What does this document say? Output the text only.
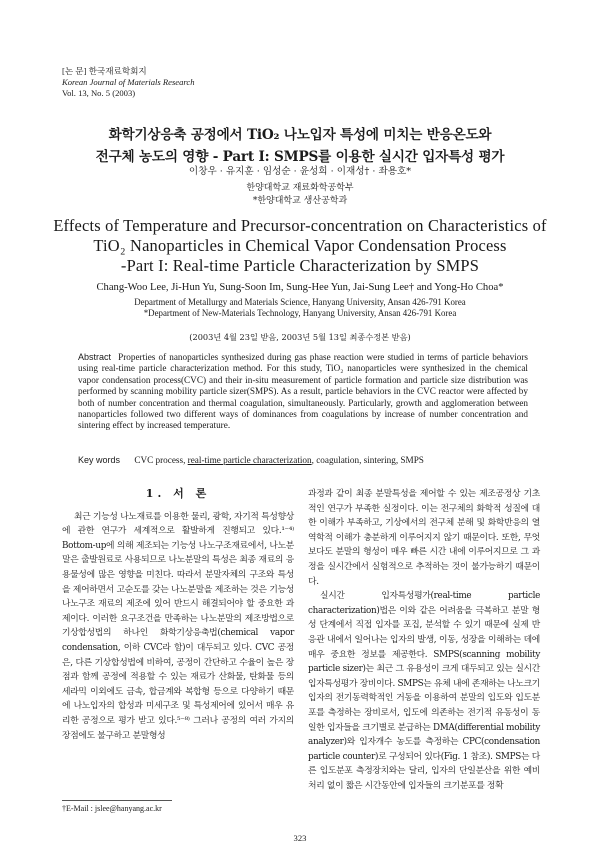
[논 문] 한국재료학회지
Korean Journal of Materials Research
Vol. 13, No. 5 (2003)
화학기상응축 공정에서 TiO₂ 나노입자 특성에 미치는 반응온도와
전구체 농도의 영향 - Part I: SMPS를 이용한 실시간 입자특성 평가
이창우 · 유지훈 · 임성순 · 윤성희 · 이재성† · 좌용호*
한양대학교 재료화학공학부
*한양대학교 생산공학과
Effects of Temperature and Precursor-concentration on Characteristics of
TiO₂ Nanoparticles in Chemical Vapor Condensation Process
-Part I: Real-time Particle Characterization by SMPS
Chang-Woo Lee, Ji-Hun Yu, Sung-Soon Im, Sung-Hee Yun, Jai-Sung Lee† and Yong-Ho Choa*
Department of Metallurgy and Materials Science, Hanyang University, Ansan 426-791 Korea
*Department of New-Materials Technology, Hanyang University, Ansan 426-791 Korea
(2003년 4월 23일 받음, 2003년 5월 13일 최종수정본 받음)
Abstract Properties of nanoparticles synthesized during gas phase reaction were studied in terms of particle behaviors using real-time particle characterization method. For this study, TiO₂ nanoparticles were synthesized in the chemical vapor condensation process(CVC) and their in-situ measurement of particle formation and particle size distribution was performed by scanning mobility particle sizer(SMPS). As a result, particle behaviors in the CVC reactor were affected by both of number concentration and thermal coagulation, simultaneously. Particularly, growth and agglomeration between nanoparticles followed two different ways of dominances from coagulations by increase of number concentration and sintering effect by increased temperature.
Key words CVC process, real-time particle characterization, coagulation, sintering, SMPS
1. 서 론

최근 기능성 나노재료를 이용한 물리, 광학, 자기적 특성향상에 관한 연구가 세계적으로 활발하게 진행되고 있다.¹⁻⁴⁾ Bottom-up에 의해 제조되는 기능성 나노구조재료에서, 나노분말은 출발원료로 사용되므로 나노분말의 특성은 최종 재료의 응용물성에 많은 영향을 미친다. 따라서 분말자체의 구조와 특성을 제어하면서 고순도를 갖는 나노분말을 제조하는 것은 기능성 나노구조 재료의 제조에 있어 반드시 해결되어야 할 중요한 과제이다. 이러한 요구조건을 만족하는 나노분말의 제조방법으로 기상합성법의 하나인 화학기상응축법(chemical vapor condensation, 이하 CVC라 함)이 대두되고 있다. CVC 공정은, 다른 기상합성법에 비하여, 공정이 간단하고 수율이 높은 장점과 함께 공정에 적용할 수 있는 재료가 산화물, 탄화물 등의 세라믹 이외에도 금속, 합금계와 복합형 등으로 다양하기 때문에 나노입자의 합성과 미세구조 및 특성제어에 있어서 매우 유리한 공정으로 평가 받고 있다.⁵⁻⁸⁾ 그러나 공정의 여러 가지의 장점에도 불구하고 분말형성

과정과 같이 최종 분말특성을 제어할 수 있는 제조공정상 기초적인 연구가 부족한 실정이다. 이는 전구체의 화학적 성질에 대한 이해가 부족하고, 기상에서의 전구체 분해 및 화학반응의 열역학적 이해가 충분하게 이루어지지 않기 때문이다. 또한, 무엇보다도 분말의 형성이 매우 빠른 시간 내에 이루어지므로 그 과정을 실시간에서 실험적으로 추적하는 것이 불가능하기 때문이다.

실시간 입자특성평가(real-time particle characterization)법은 이와 같은 어려움을 극복하고 분말 형성 단계에서 직접 입자를 포집, 분석할 수 있기 때문에 실제 반응관 내에서 일어나는 입자의 발생, 이동, 성장을 이해하는 데에 매우 중요한 정보를 제공한다. SMPS(scanning mobility particle sizer)는 최근 그 유용성이 크게 대두되고 있는 실시간 입자특성평가 장비이다. SMPS는 유체 내에 존재하는 나노크기 입자의 전기동력학적인 거동을 이용하여 분말의 입도와 입도분포를 측정하는 장비로서, 입도에 의존하는 전기적 유동성이 동일한 입자들을 크기별로 분급하는 DMA(differential mobility analyzer)와 입자개수 농도를 측정하는 CPC(condensation particle counter)로 구성되어 있다(Fig. 1 참조). SMPS는 다른 입도분포 측정장치와는 달리, 입자의 단일분산을 위한 예비처리 없이 짧은 시간동안에 입자들의 크기분포를 정확

†E-Mail : jslee@hanyang.ac.kr
323
